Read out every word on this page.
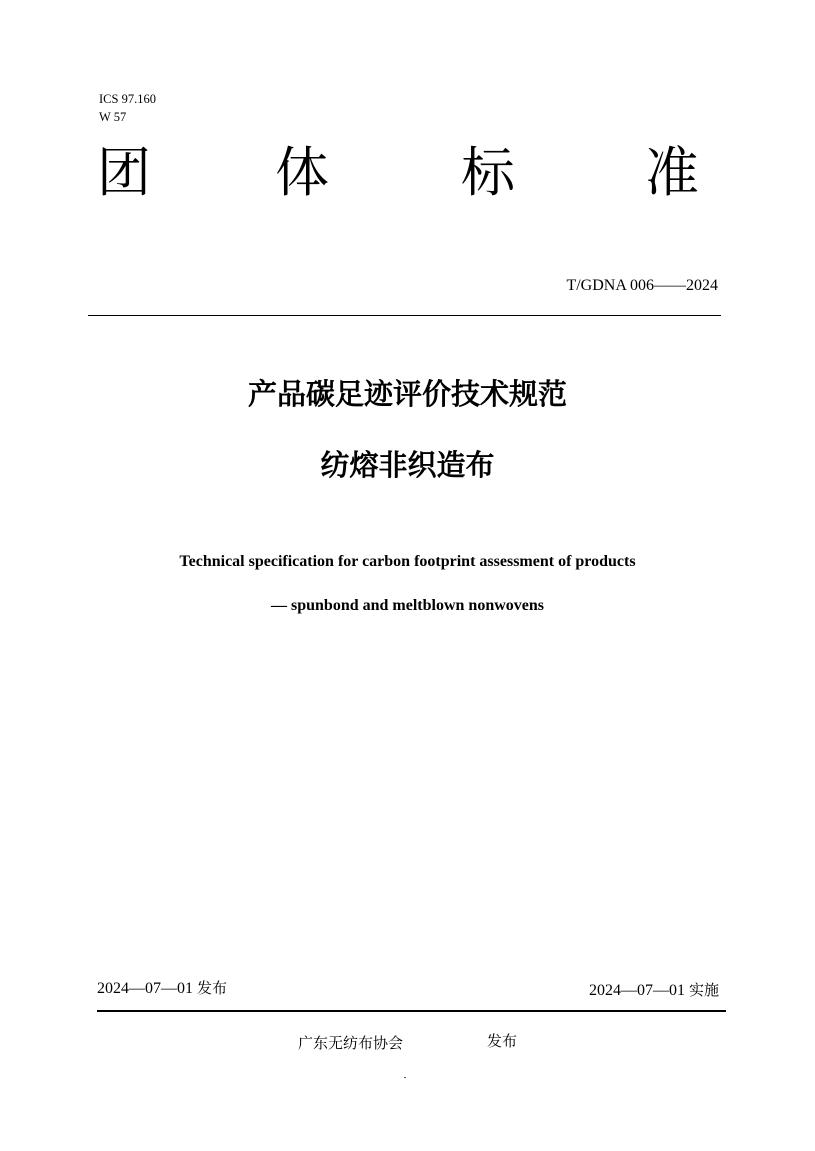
ICS 97.160
W 57
团 体 标 准
T/GDNA 006——2024
产品碳足迹评价技术规范
纺熔非织造布
Technical specification for carbon footprint assessment of products
— spunbond and meltblown nonwovens
2024—07—01 发布	2024—07—01 实施
广东无纺布协会	发布
